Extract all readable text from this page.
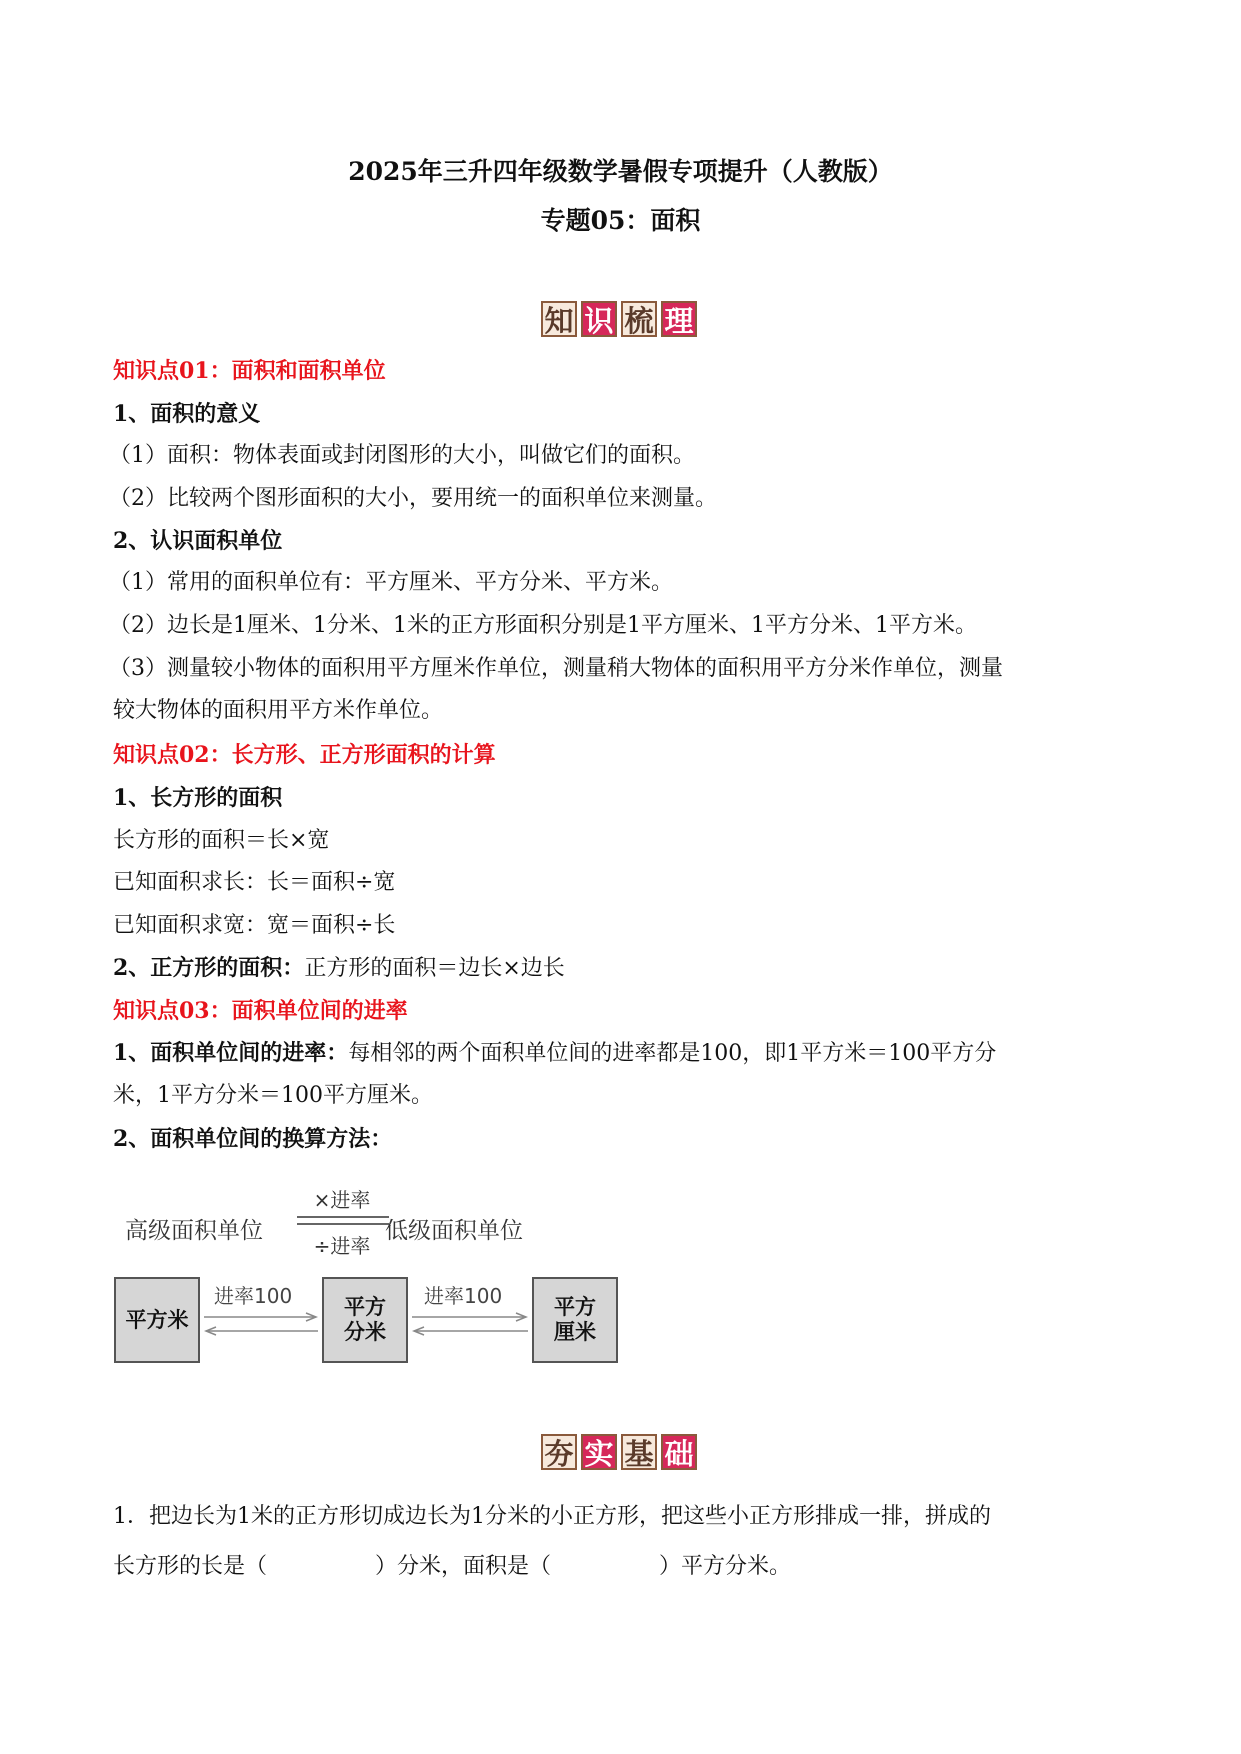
2025年三升四年级数学暑假专项提升（人教版）
专题05：面积
知 识 梳 理
知识点01：面积和面积单位
1、面积的意义
（1）面积：物体表面或封闭图形的大小，叫做它们的面积。
（2）比较两个图形面积的大小，要用统一的面积单位来测量。
2、认识面积单位
（1）常用的面积单位有：平方厘米、平方分米、平方米。
（2）边长是1厘米、1分米、1米的正方形面积分别是1平方厘米、1平方分米、1平方米。
（3）测量较小物体的面积用平方厘米作单位，测量稍大物体的面积用平方分米作单位，测量
较大物体的面积用平方米作单位。
知识点02：长方形、正方形面积的计算
1、长方形的面积
长方形的面积＝长×宽
已知面积求长：长＝面积÷宽
已知面积求宽：宽＝面积÷长
2、正方形的面积：正方形的面积＝边长×边长
知识点03：面积单位间的进率
1、面积单位间的进率：每相邻的两个面积单位间的进率都是100，即1平方米＝100平方分
米，1平方分米＝100平方厘米。
2、面积单位间的换算方法：
高级面积单位
×进率
÷进率
低级面积单位
平方米
平方
分米
平方
厘米
进率100	进率100
夯 实 基 础
1．把边长为1米的正方形切成边长为1分米的小正方形，把这些小正方形排成一排，拼成的
长方形的长是（	）分米，面积是（	）平方分米。
